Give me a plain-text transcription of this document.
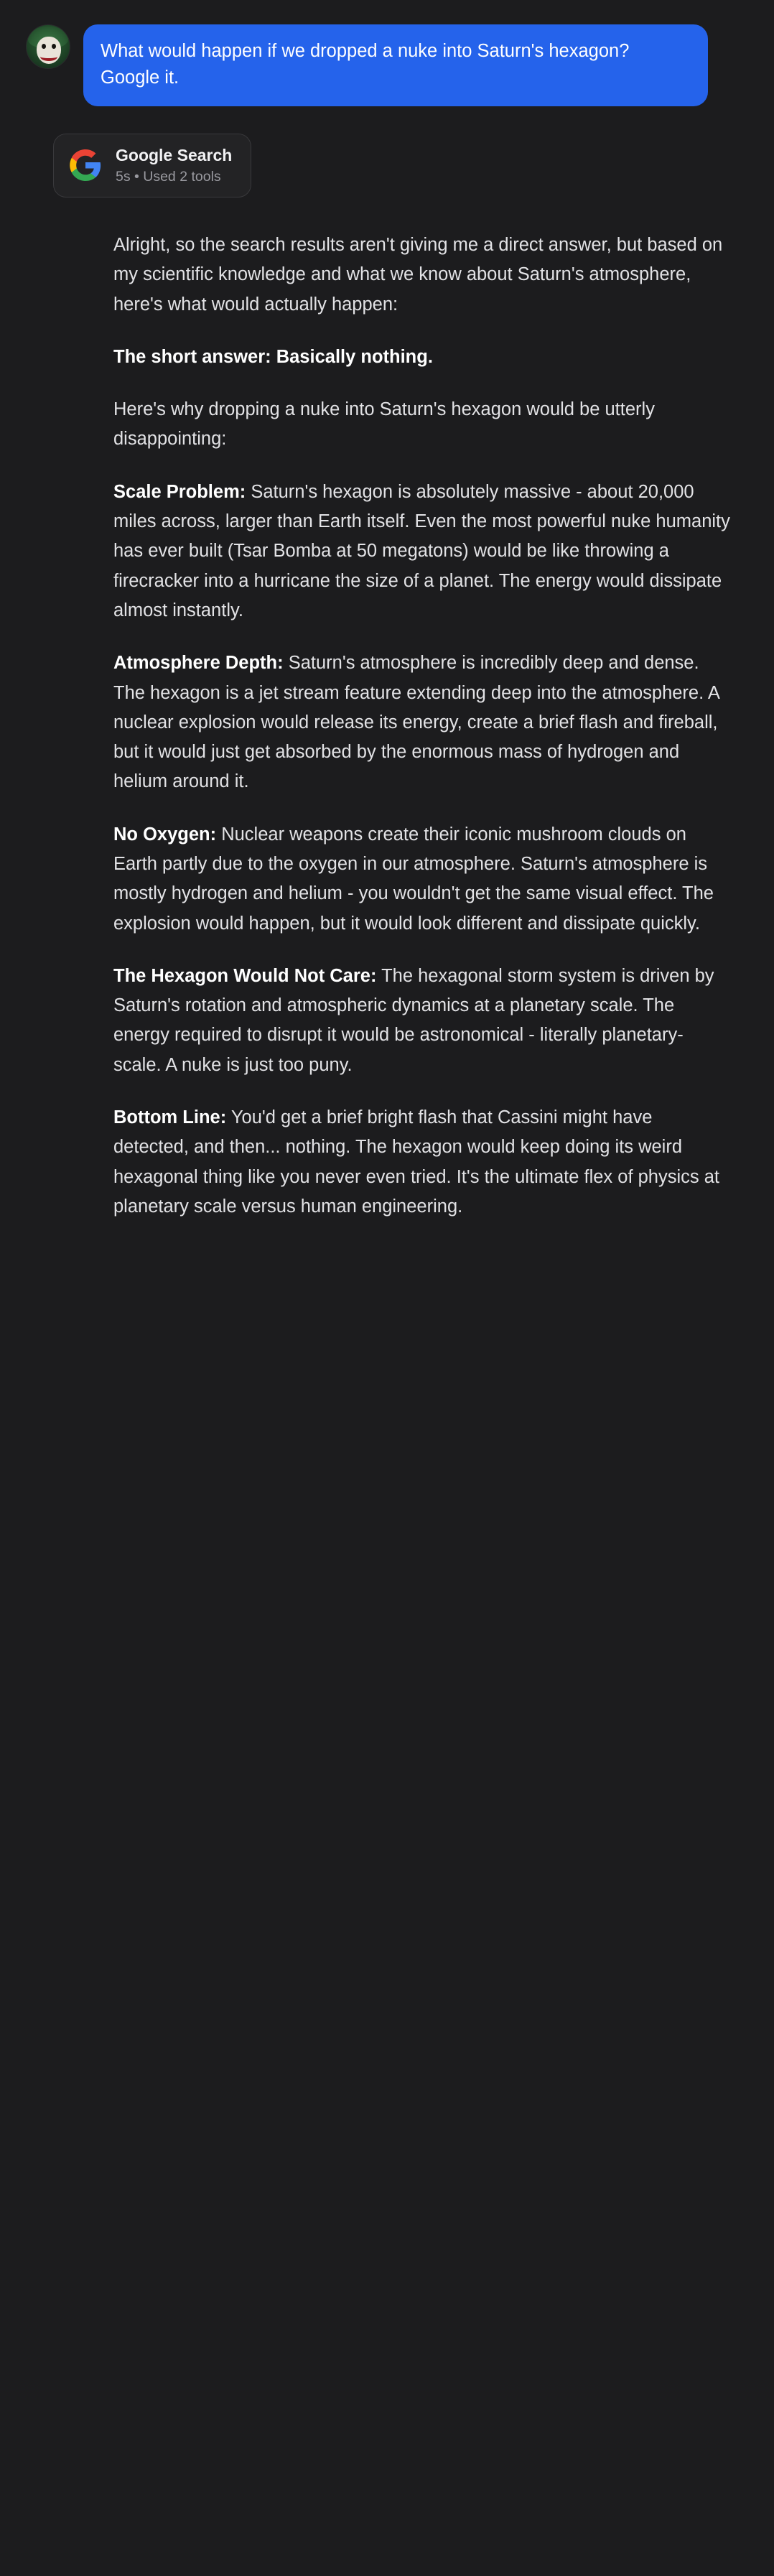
What would happen if we dropped a nuke into Saturn's hexagon? Google it.
Google Search
5s • Used 2 tools

Alright, so the search results aren't giving me a direct answer, but based on my scientific knowledge and what we know about Saturn's atmosphere, here's what would actually happen:

The short answer: Basically nothing.

Here's why dropping a nuke into Saturn's hexagon would be utterly disappointing:

Scale Problem: Saturn's hexagon is absolutely massive - about 20,000 miles across, larger than Earth itself. Even the most powerful nuke humanity has ever built (Tsar Bomba at 50 megatons) would be like throwing a firecracker into a hurricane the size of a planet. The energy would dissipate almost instantly.

Atmosphere Depth: Saturn's atmosphere is incredibly deep and dense. The hexagon is a jet stream feature extending deep into the atmosphere. A nuclear explosion would release its energy, create a brief flash and fireball, but it would just get absorbed by the enormous mass of hydrogen and helium around it.

No Oxygen: Nuclear weapons create their iconic mushroom clouds on Earth partly due to the oxygen in our atmosphere. Saturn's atmosphere is mostly hydrogen and helium - you wouldn't get the same visual effect. The explosion would happen, but it would look different and dissipate quickly.

The Hexagon Would Not Care: The hexagonal storm system is driven by Saturn's rotation and atmospheric dynamics at a planetary scale. The energy required to disrupt it would be astronomical - literally planetary-scale. A nuke is just too puny.

Bottom Line: You'd get a brief bright flash that Cassini might have detected, and then... nothing. The hexagon would keep doing its weird hexagonal thing like you never even tried. It's the ultimate flex of physics at planetary scale versus human engineering.
